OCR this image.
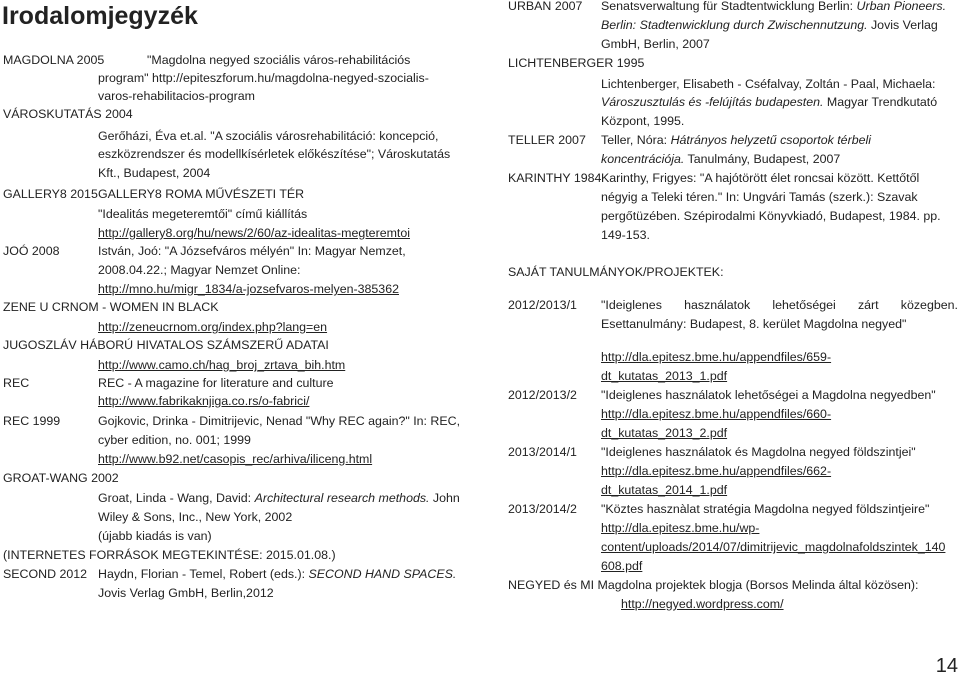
Irodalomjegyzék
MAGDOLNA 2005	"Magdolna negyed szociális város-rehabilitációs
program" http://epiteszforum.hu/magdolna-negyed-szocialis-
varos-rehabilitacios-program
VÁROSKUTATÁS 2004
Gerőházi, Éva et.al. "A szociális városrehabilitáció: koncepció,
eszközrendszer és modellkísérletek előkészítése"; Városkutatás
Kft., Budapest, 2004
GALLERY8 2015 GALLERY8 ROMA MŰVÉSZETI TÉR
"Idealitás megeteremtői" című kiállítás
http://gallery8.org/hu/news/2/60/az-idealitas-megteremtoi
JOÓ 2008	István, Joó: "A Józsefváros mélyén" In: Magyar Nemzet,
2008.04.22.; Magyar Nemzet Online:
http://mno.hu/migr_1834/a-jozsefvaros-melyen-385362
ZENE U CRNOM - WOMEN IN BLACK
http://zeneucrnom.org/index.php?lang=en
JUGOSZLÁV HÁBORÚ HIVATALOS SZÁMSZERŰ ADATAI
http://www.camo.ch/hag_broj_zrtava_bih.htm
REC	REC - A magazine for literature and culture
http://www.fabrikaknjiga.co.rs/o-fabrici/
REC 1999	Gojkovic, Drinka - Dimitrijevic, Nenad "Why REC again?" In: REC,
cyber edition, no. 001; 1999
http://www.b92.net/casopis_rec/arhiva/iliceng.html
GROAT-WANG 2002
Groat, Linda - Wang, David: Architectural research methods. John
Wiley & Sons, Inc., New York, 2002
(újabb kiadás is van)
(INTERNETES FORRÁSOK MEGTEKINTÉSE: 2015.01.08.)
SECOND 2012 Haydn, Florian - Temel, Robert (eds.): SECOND HAND SPACES.
Jovis Verlag GmbH, Berlin,2012
URBAN 2007 Senatsverwaltung für Stadtentwicklung Berlin: Urban Pioneers.
Berlin: Stadtenwicklung durch Zwischennutzung. Jovis Verlag
GmbH, Berlin, 2007
LICHTENBERGER 1995
Lichtenberger, Elisabeth - Cséfalvay, Zoltán - Paal, Michaela:
Városzusztulás és -felújítás budapesten. Magyar Trendkutató
Központ, 1995.
TELLER 2007 Teller, Nóra: Hátrányos helyzetű csoportok térbeli
koncentrációja. Tanulmány, Budapest, 2007
KARINTHY 1984 Karinthy, Frigyes: "A hajótörött élet roncsai között. Kettőtől
négyig a Teleki téren." In: Ungvári Tamás (szerk.): Szavak
pergőtüzében. Szépirodalmi Könyvkiadó, Budapest, 1984. pp.
149-153.
SAJÁT TANULMÁNYOK/PROJEKTEK:
2012/2013/1 "Ideiglenes használatok lehetőségei zárt közegben.
Esettanulmány: Budapest, 8. kerület Magdolna negyed"
http://dla.epitesz.bme.hu/appendfiles/659-
dt_kutatas_2013_1.pdf
2012/2013/2 "Ideiglenes használatok lehetőségei a Magdolna negyedben"
http://dla.epitesz.bme.hu/appendfiles/660-
dt_kutatas_2013_2.pdf
2013/2014/1 "Ideiglenes használatok és Magdolna negyed földszintjei"
http://dla.epitesz.bme.hu/appendfiles/662-
dt_kutatas_2014_1.pdf
2013/2014/2 "Köztes hasznàlat stratégia Magdolna negyed földszintjeire"
http://dla.epitesz.bme.hu/wp-
content/uploads/2014/07/dimitrijevic_magdolnafoldszintek_140
608.pdf
NEGYED és MI Magdolna projektek blogja (Borsos Melinda által közösen):
http://negyed.wordpress.com/
14
